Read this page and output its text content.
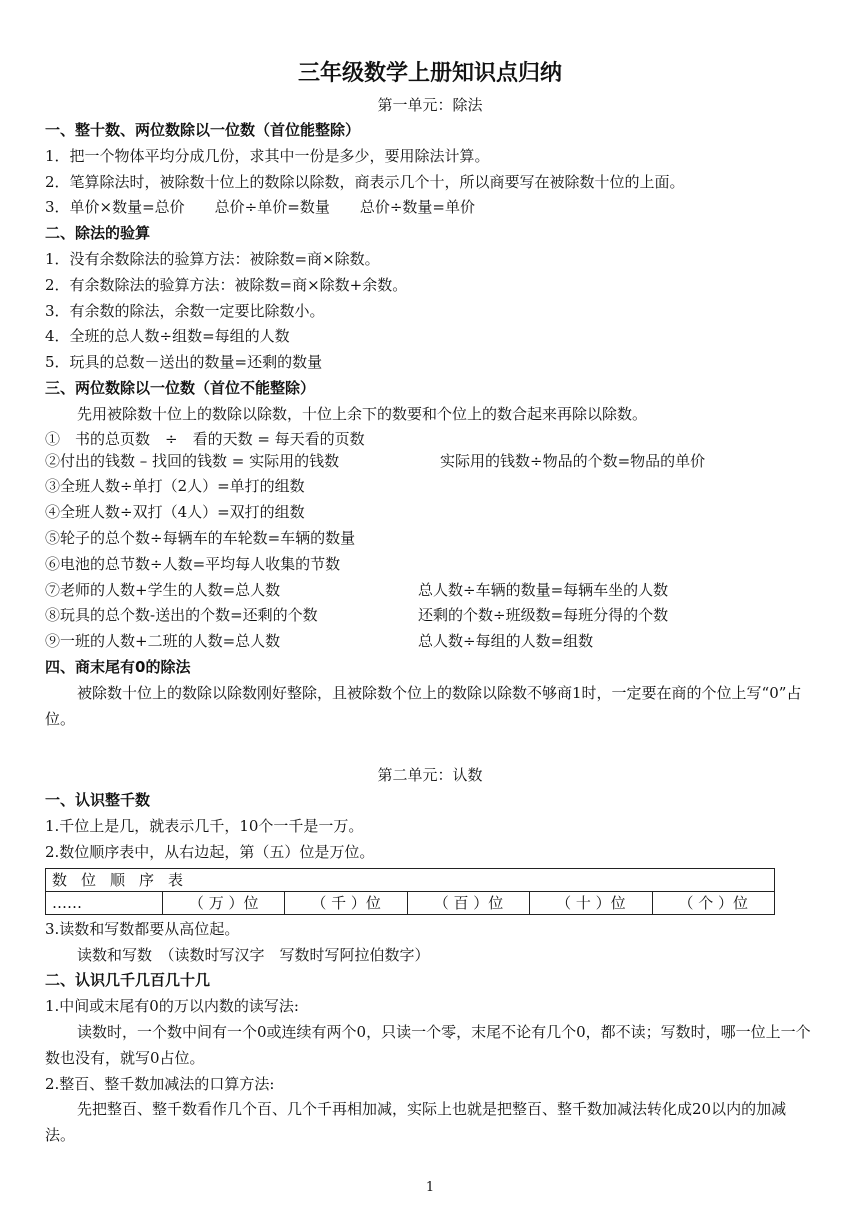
三年级数学上册知识点归纳
第一单元：除法
一、整十数、两位数除以一位数（首位能整除）
1．把一个物体平均分成几份，求其中一份是多少，要用除法计算。
2．笔算除法时，被除数十位上的数除以除数，商表示几个十，所以商要写在被除数十位的上面。
3．单价×数量=总价　　总价÷单价=数量　　总价÷数量=单价
二、除法的验算
1．没有余数除法的验算方法：被除数=商×除数。
2．有余数除法的验算方法：被除数=商×除数+余数。
3．有余数的除法，余数一定要比除数小。
4．全班的总人数÷组数=每组的人数
5．玩具的总数－送出的数量=还剩的数量
三、两位数除以一位数（首位不能整除）
先用被除数十位上的数除以除数，十位上余下的数要和个位上的数合起来再除以除数。
①　书的总页数　÷　看的天数 = 每天看的页数
②付出的钱数 – 找回的钱数 = 实际用的钱数	　实际用的钱数÷物品的个数=物品的单价
③全班人数÷单打（2人）=单打的组数
④全班人数÷双打（4人）=双打的组数
⑤轮子的总个数÷每辆车的车轮数=车辆的数量
⑥电池的总节数÷人数=平均每人收集的节数
⑦老师的人数+学生的人数=总人数	总人数÷车辆的数量=每辆车坐的人数
⑧玩具的总个数-送出的个数=还剩的个数	还剩的个数÷班级数=每班分得的个数
⑨一班的人数+二班的人数=总人数	总人数÷每组的人数=组数
四、商末尾有0的除法
被除数十位上的数除以除数刚好整除，且被除数个位上的数除以除数不够商1时，一定要在商的个位上写“0”占位。
第二单元：认数
一、认识整千数
1.千位上是几，就表示几千，10个一千是一万。
2.数位顺序表中，从右边起，第（五）位是万位。
数位顺序表
……	（ 万 ）位	（ 千 ）位	（ 百 ）位	（ 十 ）位	（ 个 ）位
3.读数和写数都要从高位起。
读数和写数　（读数时写汉字　写数时写阿拉伯数字）
二、认识几千几百几十几
1.中间或末尾有0的万以内数的读写法:
读数时，一个数中间有一个0或连续有两个0，只读一个零，末尾不论有几个0，都不读；写数时，哪一位上一个数也没有，就写0占位。
2.整百、整千数加减法的口算方法:
先把整百、整千数看作几个百、几个千再相加减，实际上也就是把整百、整千数加减法转化成20以内的加减法。
1
